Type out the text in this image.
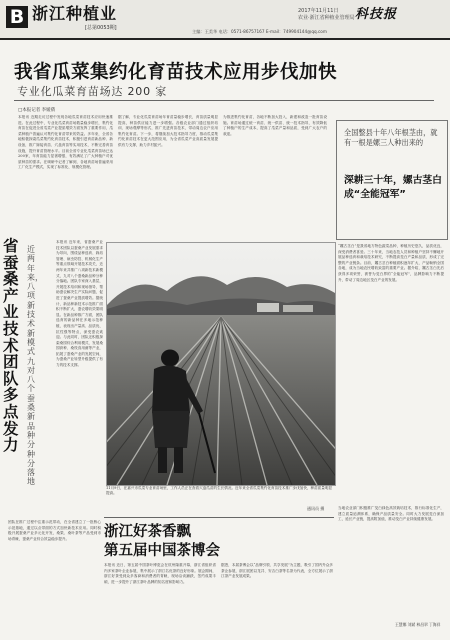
B 浙江种植业
[总第0053期]
2017年11月11日
农业·浙江省种植业管理局 科技报
主编：王美华 电话：0571-86757167 E-mail：749904144@qq.com
我省瓜菜集约化育苗技术应用步伐加快
专业化瓜菜育苗场达 200 家
□本报记者 李媛蒨
本报讯 近期走访过程中发现各地瓜菜育苗技术应用快速推进。在此过程中，专业化瓜菜育苗场数量稳步增长，集约化育苗在促进全省瓜菜产业提质增效方面发挥了重要作用，瓜菜种植户普遍认可集约化育苗带来的效益。多年来，全省各地积极探索瓜菜集约化育苗技术，积极引进育苗新品种、新设备，推广嫁接育苗、穴盘育苗等实用技术，不断完善育苗设施，提升育苗管理水平。目前全省专业化瓜菜育苗场已达200家，年育苗能力显著增强，有效满足了广大种植户对优质种苗的需求。在调研中记者了解到，各地育苗场普遍采用工厂化生产模式，实现了标准化、规模化管理。
据了解，专业化瓜菜育苗场年育苗量稳步增长，育苗质量明显提高，种苗供应能力进一步增强。各级农业部门通过组织培训、现场观摩等形式，推广先进育苗技术，带动周边农户应用集约化育苗。下一步，将继续加大技术指导力度，推动瓜菜集约化育苗技术在更大范围应用，为全省瓜菜产业高质量发展提供有力支撑，助力乡村振兴。
为推进集约化育苗，各地不断加大投入，新建和改造一批育苗设施。育苗场通过统一育苗、统一供苗、统一技术指导，有效降低了种植户的生产成本，提高了瓜菜产量和品质，受到广大农户的欢迎。	全国整县十年八年根茎由，就有一根是嫘三人种出来的
深耕三十年，嫘古茎白成“全能冠军”
“嫘古茎白”是我省地方特色蔬菜品种，种植历史悠久，品质优良，深受消费者喜爱。三十年来，当地农技人员和种植户坚持不懈地开展品种选育和栽培技术研究，不断提高茭白产量和品质，形成了完整的产业链条。目前，嫘古茎白种植面积逐年扩大，产品畅销全国各地，成为当地农民增收致富的重要产业。据介绍，嫘古茎白先后获得多项荣誉，被誉为茭白界的“全能冠军”，品牌影响力不断提升，带动了周边地区茭白产业的发展。
当地农业部门积极推广茭白绿色高效栽培技术，推行标准化生产，建立质量追溯体系，确保产品质量安全。同时大力发展茭白深加工，延长产业链，提高附加值，推动茭白产业持续健康发展。
王慧娜 刘斌 林昌翠 丁海祥
省蚕桑产业技术团队多点发力
近两年来，八项新技术新模式九对八个蚕桑新品种分种分落地
本报讯 近年来，省蚕桑产业技术团队以蚕桑产业发展需求为导向，围绕品种选育、栽培管理、病虫防控、机械化生产等重点领域开展技术攻关，近两年来共推广八项新技术新模式，九对八个蚕桑新品种分种分落地。团队专家深入基层，开展技术培训和现场指导，帮助蚕农解决生产实际问题，促进了蚕桑产业提质增效。据统计，新品种新技术示范推广面积不断扩大，蚕农增收效果明显。在新品种推广方面，团队选育的新品种在多地示范种植，表现出产量高、品质优、抗性强等特点，深受蚕农欢迎。与此同时，团队还积极探索桑园综合利用模式，发展桑园套种、桑枝食用菌等产业，拓展了蚕桑产业的发展空间，为蚕桑产业转型升级提供了有力的技术支撑。
团队在推广过程中注重示范带动，在全省建立了一批核心示范基地，通过以点带面的方式加快新技术应用。同时积极开展蚕桑产业多元化开发，桑果、桑叶茶等产品受到市场青睐，蚕桑产业综合效益稳步提升。
11月9日，在嘉兴市瓜菜专业育苗场里，工作人员正在查看穴盘瓜苗的生长情况。近年来全省瓜菜集约化育苗技术推广步伐加快，种苗质量明显提高。
通讯员 摄
浙江好茶香飘
第五届中国茶博会
本报讯 近日，第五届中国茶叶博览会在杭州隆重开幕，浙江省组织省内多家茶叶企业参展，集中展示了浙江名优茶的良好形象。展会期间，浙江好茶受到众多客商和消费者的青睐，现场洽谈踊跃，签约成果丰硕，进一步提升了浙江茶叶品牌的知名度和影响力。
据悉，本届茶博会以“品牌引领、共享发展”为主题，吸引了国内外众多茶企参展，浙江展团以龙井、安吉白茶等名茶为代表，全方位展示了浙江茶产业发展成果。
